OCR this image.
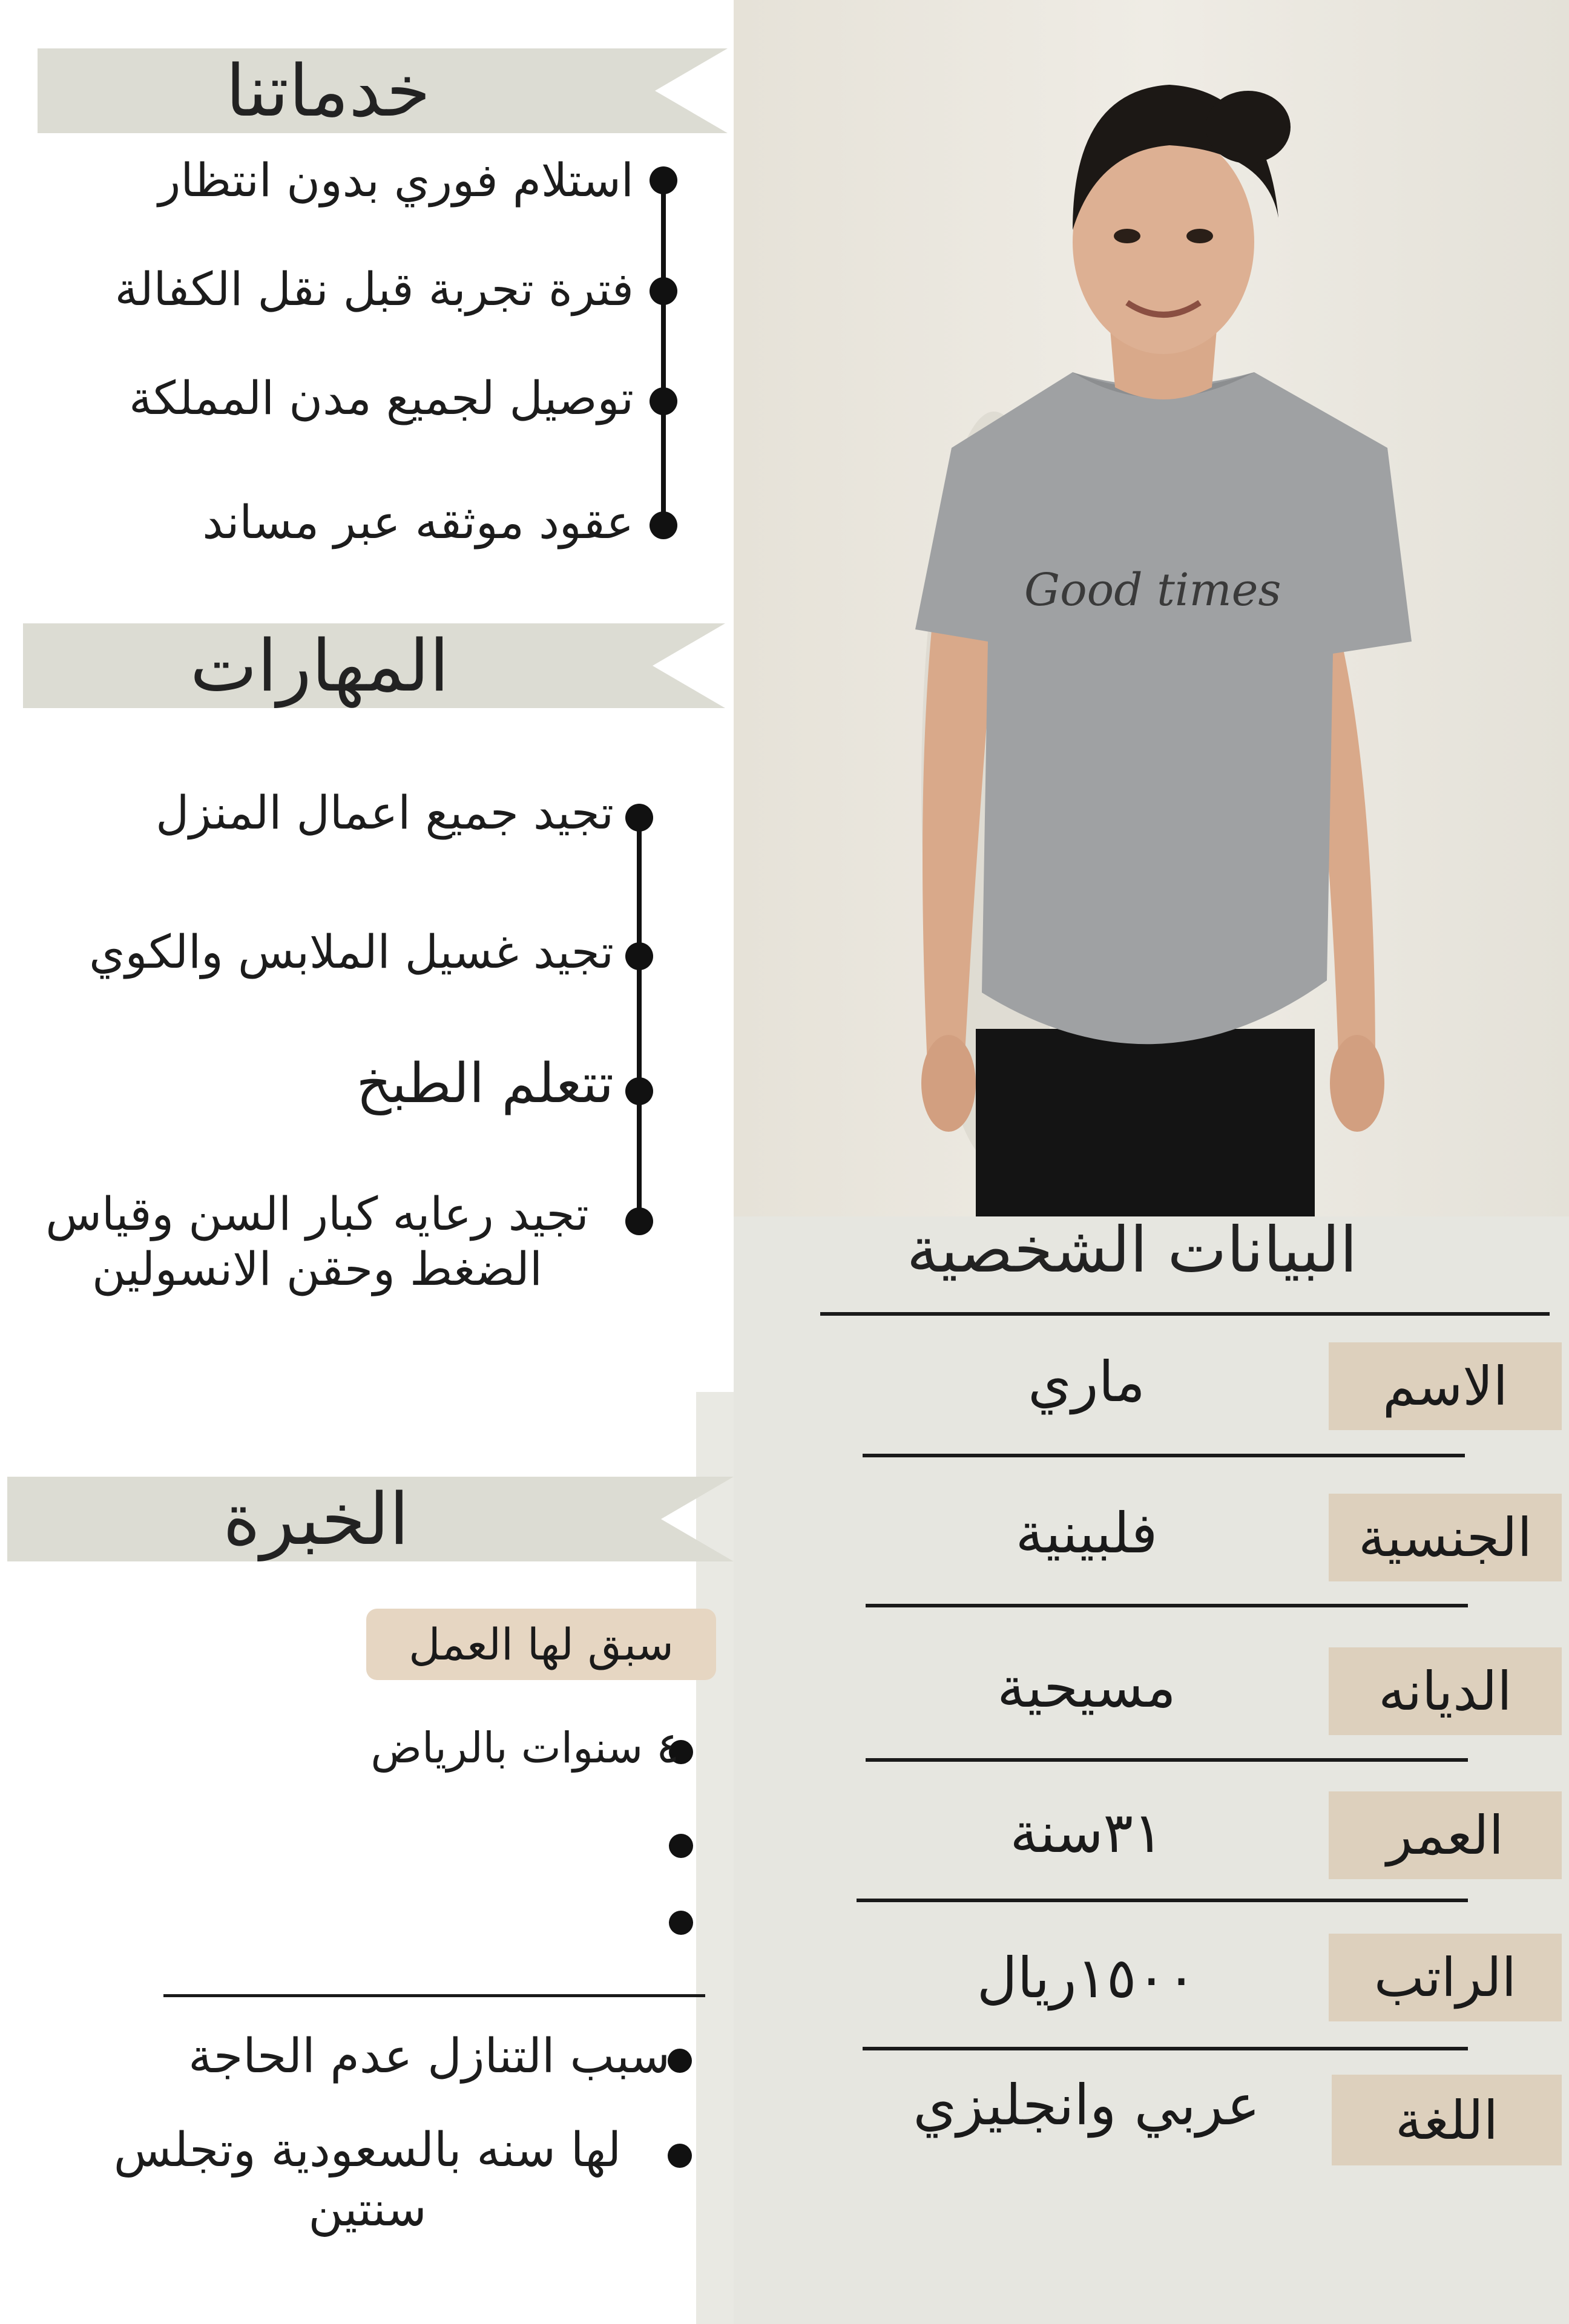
Good times
خدماتنا
استلام فوري بدون انتظار
فترة تجربة قبل نقل الكفالة
توصيل لجميع مدن المملكة
عقود موثقه عبر مساند
المهارات
تجيد جميع اعمال المنزل
تجيد غسيل الملابس والكوي
تتعلم الطبخ
تجيد رعايه كبار السن وقياس الضغط وحقن الانسولين
الخبرة
سبق لها العمل
٤ سنوات بالرياض
سبب التنازل عدم الحاجة
لها سنه بالسعودية وتجلس سنتين
البيانات الشخصية
الاسم
ماري
الجنسية
فلبينية
الديانه
مسيحية
العمر
٣١سنة
الراتب
١٥٠٠ريال
اللغة
عربي وانجليزي
